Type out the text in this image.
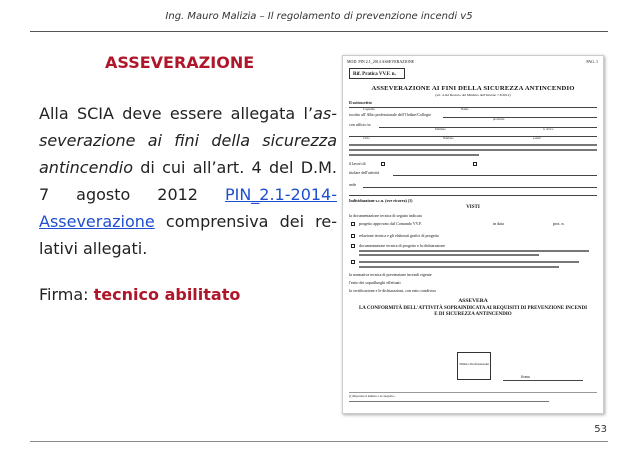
Ing. Mauro Malizia – Il regolamento di prevenzione incendi v5
ASSEVERAZIONE
Alla SCIA deve essere allegata l’as-severazione ai fini della sicurezza antincendio di cui all’art. 4 del D.M. 7 agosto 2012 PIN_2.1-2014-Asseverazione comprensiva dei re-lativi allegati.
Firma: tecnico abilitato
MOD. PIN 2.1_2014 ASSEVERAZIONE	PAG. 1
Rif. Pratica VV.F. n.
ASSEVERAZIONE AI FINI DELLA SICUREZZA ANTINCENDIO
(art. 4 del Decreto del Ministro dell’Interno 7.8.2012)
Il sottoscritto
Cognome	Nome
iscritto all’Albo professionale dell’Ordine/Collegio
provincia
con ufficio in
Indirizzo	n. civico
Ciclo	Telefono	e-mail
il lavori di
titolare dell'attività
sede
Individuazione s.c.u. (ove ricorra) (1)
VISTI
la documentazione tecnica di seguito indicata
progetto approvato dal Comando VV.F.	in data	prot. n.
relazione tecnica e gli elaborati grafici di progetto
documentazione tecnica di progetto e la dichiarazione
la normativa tecnica di prevenzione incendi vigente
l'esito dei sopralluoghi effettuati
la certificazione e le dichiarazioni, con esito condiviso
ASSEVERA
LA CONFORMITÀ DELL'ATTIVITÀ SOPRAINDICATA AI REQUISITI DI PREVENZIONE INCENDI E DI SICUREZZA ANTINCENDIO
Timbro Professionale
firma
(1) Riportare il numero e la categoria...
53
